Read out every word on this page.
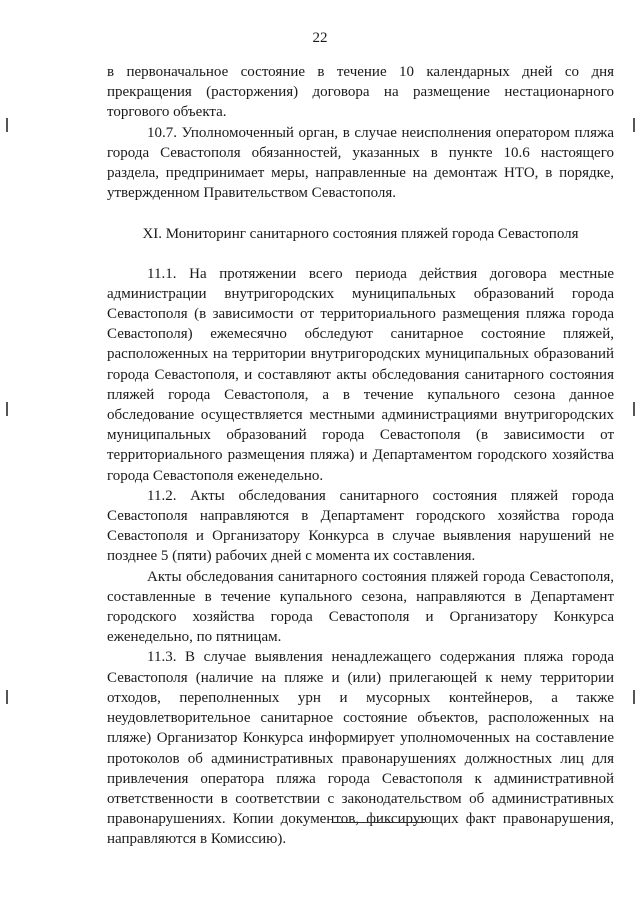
22

в первоначальное состояние в течение 10 календарных дней со дня прекращения (расторжения) договора на размещение нестационарного торгового объекта.

10.7. Уполномоченный орган, в случае неисполнения оператором пляжа города Севастополя обязанностей, указанных в пункте 10.6 настоящего раздела, предпринимает меры, направленные на демонтаж НТО, в порядке, утвержденном Правительством Севастополя.

XI. Мониторинг санитарного состояния пляжей города Севастополя

11.1. На протяжении всего периода действия договора местные администрации внутригородских муниципальных образований города Севастополя (в зависимости от территориального размещения пляжа города Севастополя) ежемесячно обследуют санитарное состояние пляжей, расположенных на территории внутригородских муниципальных образований города Севастополя, и составляют акты обследования санитарного состояния пляжей города Севастополя, а в течение купального сезона данное обследование осуществляется местными администрациями внутригородских муниципальных образований города Севастополя (в зависимости от территориального размещения пляжа) и Департаментом городского хозяйства города Севастополя еженедельно.

11.2. Акты обследования санитарного состояния пляжей города Севастополя направляются в Департамент городского хозяйства города Севастополя и Организатору Конкурса в случае выявления нарушений не позднее 5 (пяти) рабочих дней с момента их составления.

Акты обследования санитарного состояния пляжей города Севастополя, составленные в течение купального сезона, направляются в Департамент городского хозяйства города Севастополя и Организатору Конкурса еженедельно, по пятницам.

11.3. В случае выявления ненадлежащего содержания пляжа города Севастополя (наличие на пляже и (или) прилегающей к нему территории отходов, переполненных урн и мусорных контейнеров, а также неудовлетворительное санитарное состояние объектов, расположенных на пляже) Организатор Конкурса информирует уполномоченных на составление протоколов об административных правонарушениях должностных лиц для привлечения оператора пляжа города Севастополя к административной ответственности в соответствии с законодательством об административных правонарушениях. Копии документов, фиксирующих факт правонарушения, направляются в Комиссию).
